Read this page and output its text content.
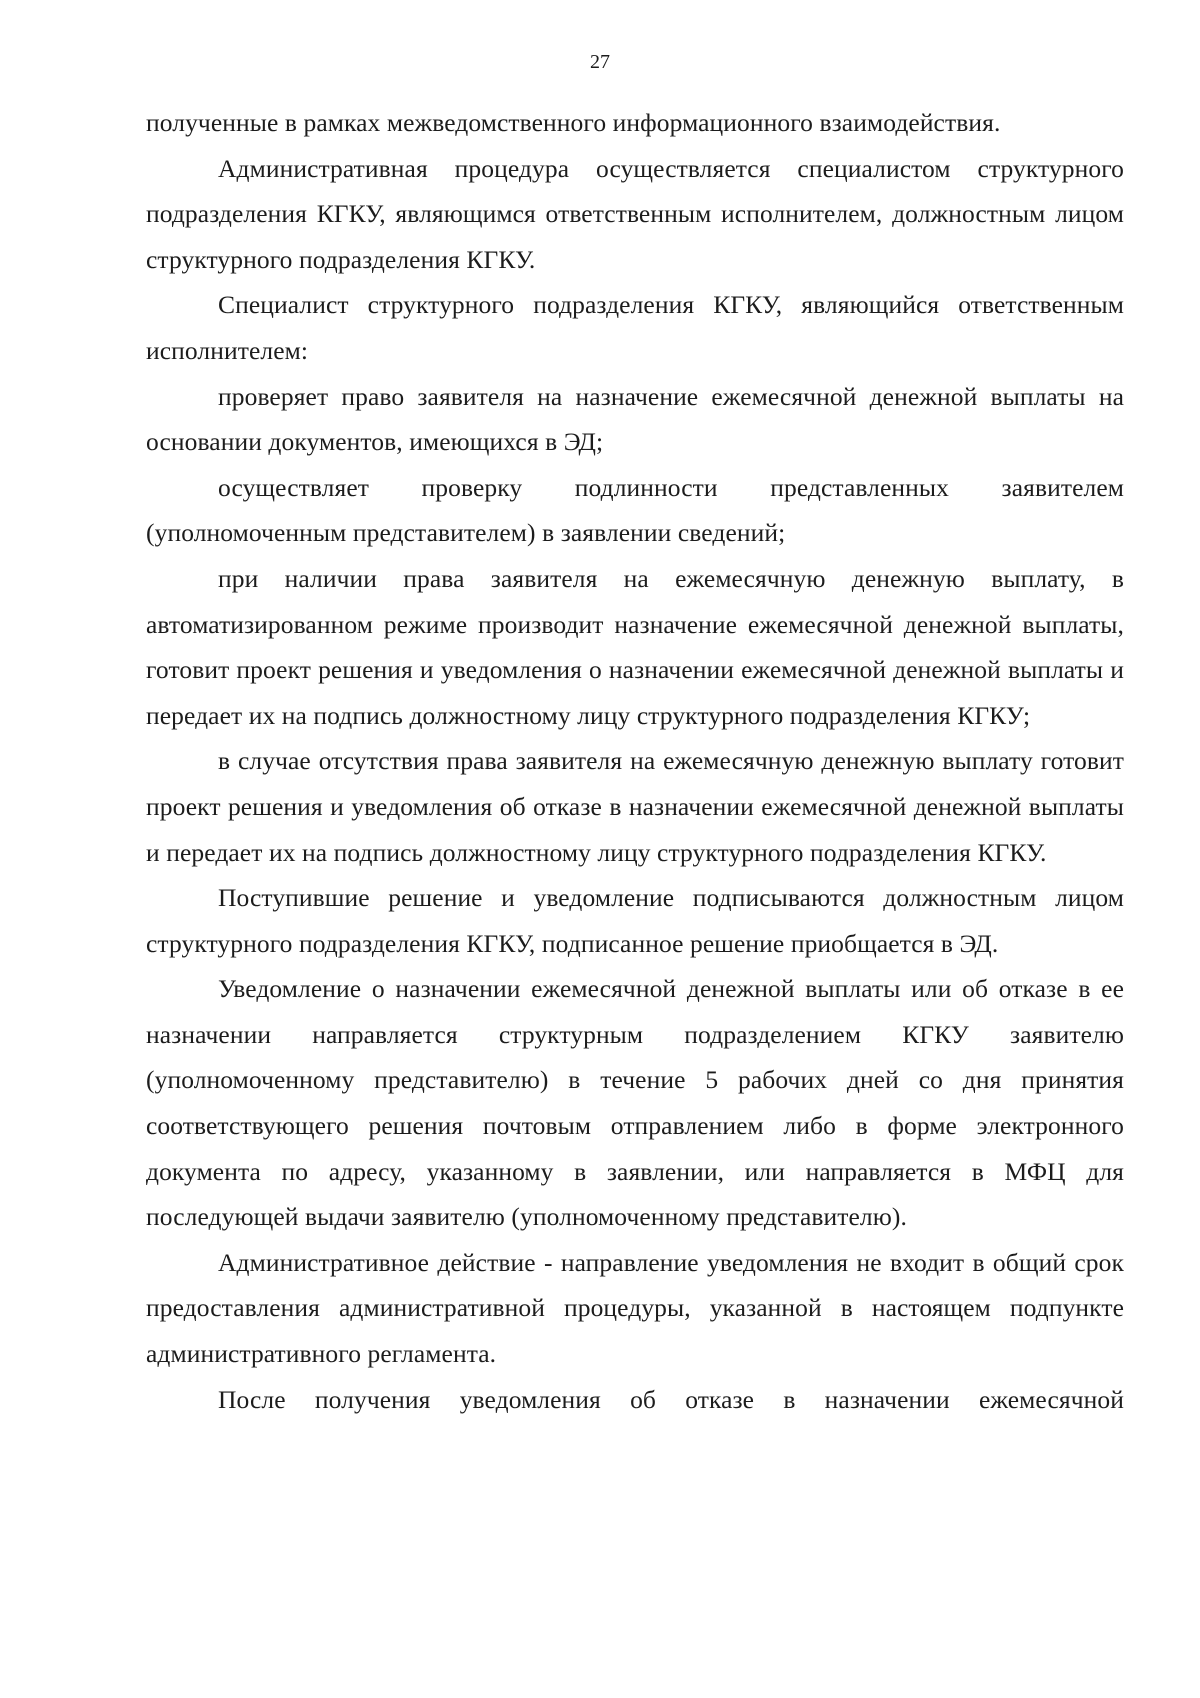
27

полученные в рамках межведомственного информационного взаимодействия.

Административная процедура осуществляется специалистом структурного подразделения КГКУ, являющимся ответственным исполнителем, должностным лицом структурного подразделения КГКУ.

Специалист структурного подразделения КГКУ, являющийся ответственным исполнителем:

проверяет право заявителя на назначение ежемесячной денежной выплаты на основании документов, имеющихся в ЭД;

осуществляет проверку подлинности представленных заявителем (уполномоченным представителем) в заявлении сведений;

при наличии права заявителя на ежемесячную денежную выплату, в автоматизированном режиме производит назначение ежемесячной денежной выплаты, готовит проект решения и уведомления о назначении ежемесячной денежной выплаты и передает их на подпись должностному лицу структурного подразделения КГКУ;

в случае отсутствия права заявителя на ежемесячную денежную выплату готовит проект решения и уведомления об отказе в назначении ежемесячной денежной выплаты и передает их на подпись должностному лицу структурного подразделения КГКУ.

Поступившие решение и уведомление подписываются должностным лицом структурного подразделения КГКУ, подписанное решение приобщается в ЭД.

Уведомление о назначении ежемесячной денежной выплаты или об отказе в ее назначении направляется структурным подразделением КГКУ заявителю (уполномоченному представителю) в течение 5 рабочих дней со дня принятия соответствующего решения почтовым отправлением либо в форме электронного документа по адресу, указанному в заявлении, или направляется в МФЦ для последующей выдачи заявителю (уполномоченному представителю).

Административное действие - направление уведомления не входит в общий срок предоставления административной процедуры, указанной в настоящем подпункте административного регламента.

После получения уведомления об отказе в назначении ежемесячной
